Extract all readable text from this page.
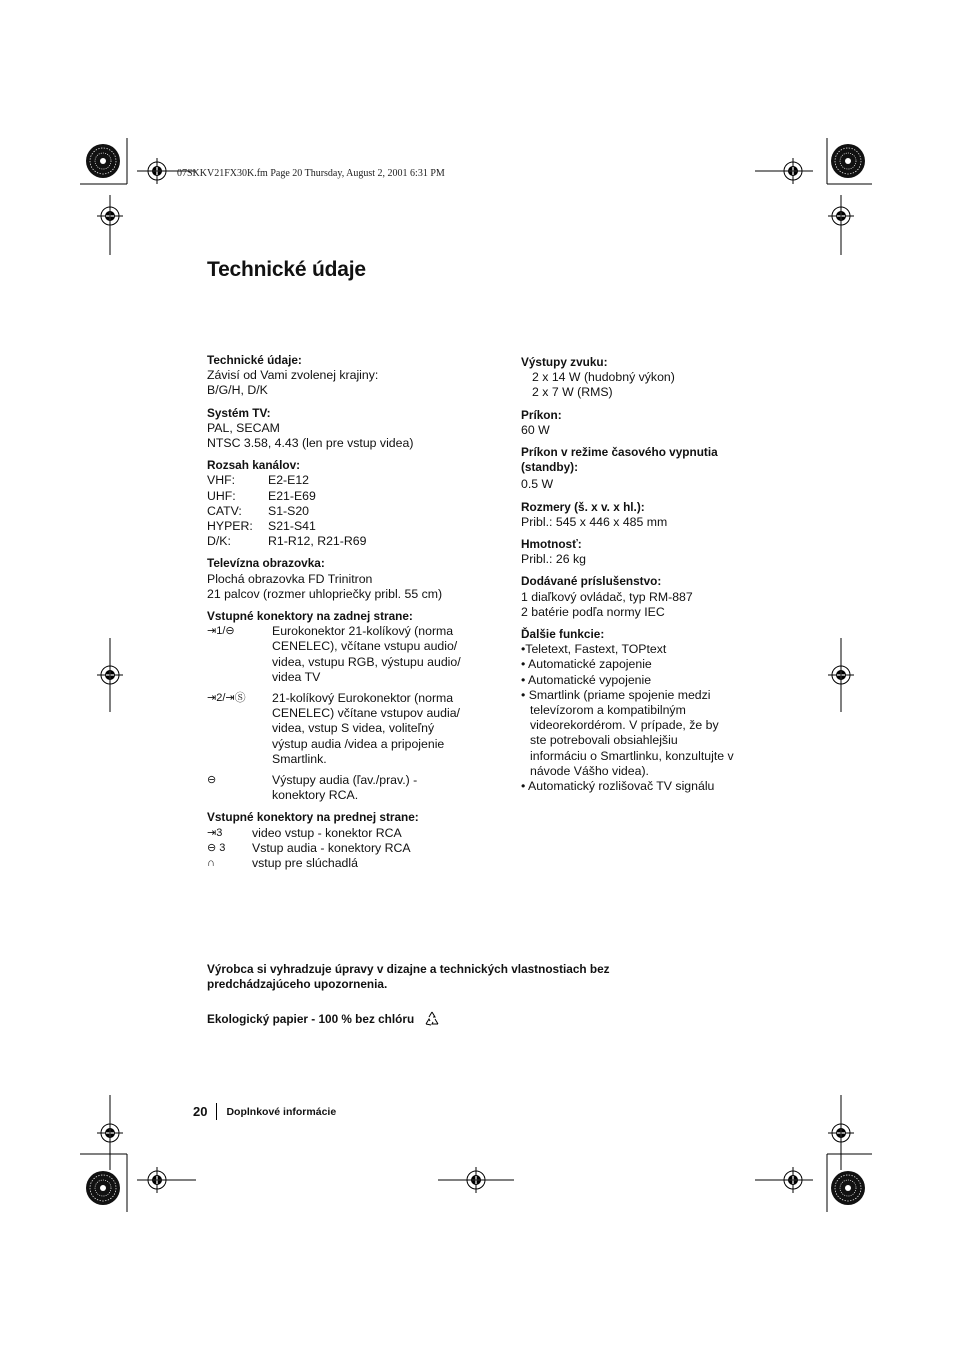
07SKKV21FX30K.fm Page 20 Thursday, August 2, 2001 6:31 PM
Technické údaje
Technické údaje:
Závisí od Vami zvolenej krajiny:
B/G/H, D/K
Systém TV:
PAL, SECAM
NTSC 3.58, 4.43 (len pre vstup videa)
Rozsah kanálov:
VHF:	E2-E12
UHF:	E21-E69
CATV:	S1-S20
HYPER:	S21-S41
D/K:	R1-R12, R21-R69
Televízna obrazovka:
Plochá obrazovka FD Trinitron
21 palcov (rozmer uhlopriečky pribl. 55 cm)
Vstupné konektory na zadnej strane:
⇥1/⊖	Eurokonektor 21-kolíkový (norma
CENELEC), včítane vstupu audio/
videa, vstupu RGB, výstupu audio/
videa TV
⇥2/⇥Ⓢ	21-kolíkový Eurokonektor (norma
CENELEC) včítane vstupov audia/
videa, vstup S videa, voliteľný
výstup audia /videa a pripojenie
Smartlink.
⊖	Výstupy audia (ľav./prav.) -
konektory RCA.
Vstupné konektory na prednej strane:
⇥3	video vstup - konektor RCA
⊖ 3	Vstup audia - konektory RCA
∩	vstup pre slúchadlá
Výstupy zvuku:
2 x 14 W (hudobný výkon)
2 x 7 W (RMS)
Príkon:
60 W
Príkon v režime časového vypnutia (standby):
0.5 W
Rozmery (š. x v. x hl.):
Pribl.: 545 x 446 x 485 mm
Hmotnosť:
Pribl.: 26 kg
Dodávané príslušenstvo:
1 diaľkový ovládač, typ RM-887
2 batérie podľa normy IEC
Ďalšie funkcie:
•Teletext, Fastext, TOPtext
• Automatické zapojenie
• Automatické vypojenie
• Smartlink (priame spojenie medzi
televízorom a kompatibilným
videorekordérom. V prípade, že by
ste potrebovali obsiahlejšiu
informáciu o Smartlinku, konzultujte v
návode Vášho videa).
• Automatický rozlišovač TV signálu
Výrobca si vyhradzuje úpravy v dizajne a technických vlastnostiach bez
predchádzajúceho upozornenia.
Ekologický papier - 100 % bez chlóru
20	Doplnkové informácie
